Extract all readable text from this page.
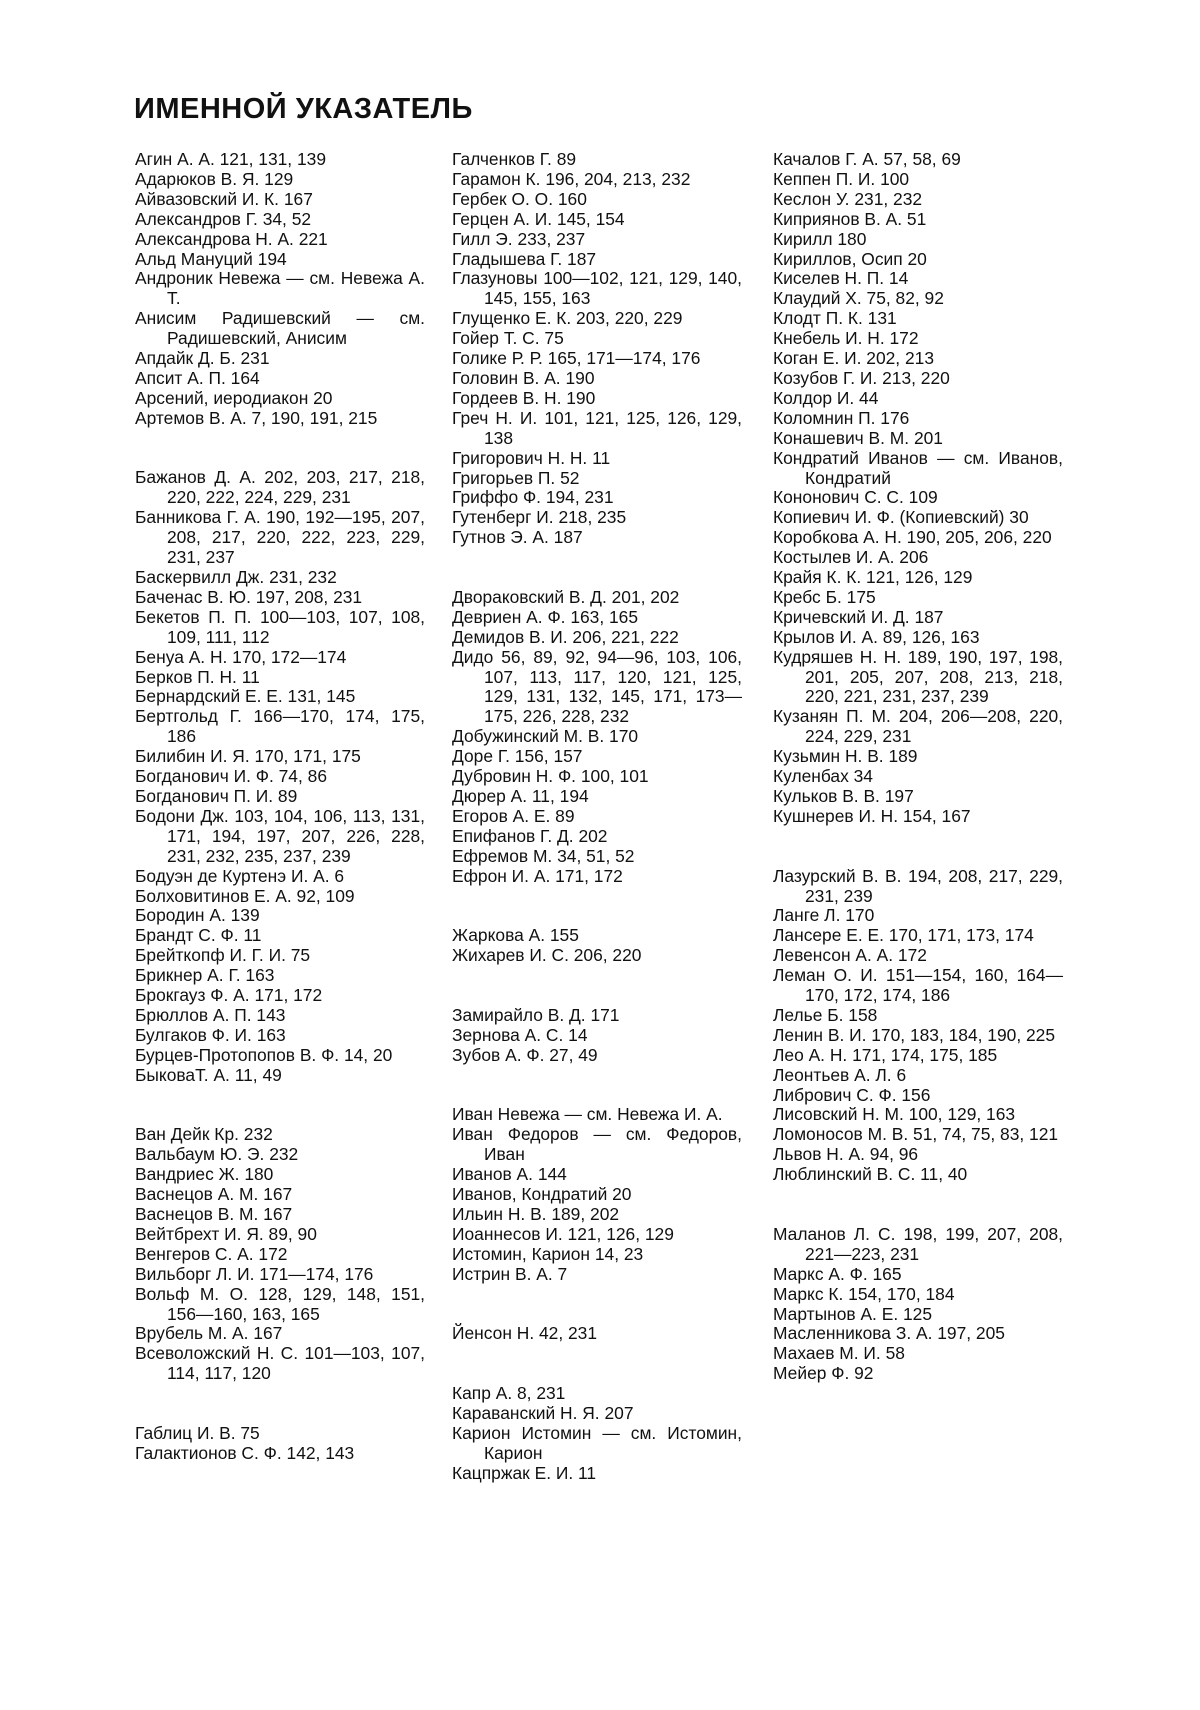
ИМЕННОЙ УКАЗАТЕЛЬ
Агин А. А. 121, 131, 139
Адарюков В. Я. 129
Айвазовский И. К. 167
Александров Г. 34, 52
Александрова Н. А. 221
Альд Мануций 194
Андроник Невежа — см. Невежа А. Т.
Анисим Радишевский — см. Радишевский, Анисим
Апдайк Д. Б. 231
Апсит А. П. 164
Арсений, иеродиакон 20
Артемов В. А. 7, 190, 191, 215
Бажанов Д. А. 202, 203, 217, 218, 220, 222, 224, 229, 231
Банникова Г. А. 190, 192—195, 207, 208, 217, 220, 222, 223, 229, 231, 237
Баскервилл Дж. 231, 232
Баченас В. Ю. 197, 208, 231
Бекетов П. П. 100—103, 107, 108, 109, 111, 112
Бенуа А. Н. 170, 172—174
Берков П. Н. 11
Бернардский Е. Е. 131, 145
Бертгольд Г. 166—170, 174, 175, 186
Билибин И. Я. 170, 171, 175
Богданович И. Ф. 74, 86
Богданович П. И. 89
Бодони Дж. 103, 104, 106, 113, 131, 171, 194, 197, 207, 226, 228, 231, 232, 235, 237, 239
Бодуэн де Куртенэ И. А. 6
Болховитинов Е. А. 92, 109
Бородин А. 139
Брандт С. Ф. 11
Брейткопф И. Г. И. 75
Брикнер А. Г. 163
Брокгауз Ф. А. 171, 172
Брюллов А. П. 143
Булгаков Ф. И. 163
Бурцев-Протопопов В. Ф. 14, 20
БыковаТ. А. 11, 49
Ван Дейк Кр. 232
Вальбаум Ю. Э. 232
Вандриес Ж. 180
Васнецов А. М. 167
Васнецов В. М. 167
Вейтбрехт И. Я. 89, 90
Венгеров С. А. 172
Вильборг Л. И. 171—174, 176
Вольф М. О. 128, 129, 148, 151, 156—160, 163, 165
Врубель М. А. 167
Всеволожский Н. С. 101—103, 107, 114, 117, 120
Габлиц И. В. 75
Галактионов С. Ф. 142, 143
Галченков Г. 89
Гарамон К. 196, 204, 213, 232
Гербек О. О. 160
Герцен А. И. 145, 154
Гилл Э. 233, 237
Гладышева Г. 187
Глазуновы 100—102, 121, 129, 140, 145, 155, 163
Глущенко Е. К. 203, 220, 229
Гойер Т. С. 75
Голике Р. Р. 165, 171—174, 176
Головин В. А. 190
Гордеев В. Н. 190
Греч Н. И. 101, 121, 125, 126, 129, 138
Григорович Н. Н. 11
Григорьев П. 52
Гриффо Ф. 194, 231
Гутенберг И. 218, 235
Гутнов Э. А. 187
Двораковский В. Д. 201, 202
Девриен А. Ф. 163, 165
Демидов В. И. 206, 221, 222
Дидо 56, 89, 92, 94—96, 103, 106, 107, 113, 117, 120, 121, 125, 129, 131, 132, 145, 171, 173—175, 226, 228, 232
Добужинский М. В. 170
Доре Г. 156, 157
Дубровин Н. Ф. 100, 101
Дюрер А. 11, 194
Егоров А. Е. 89
Епифанов Г. Д. 202
Ефремов М. 34, 51, 52
Ефрон И. А. 171, 172
Жаркова А. 155
Жихарев И. С. 206, 220
Замирайло В. Д. 171
Зернова А. С. 14
Зубов А. Ф. 27, 49
Иван Невежа — см. Невежа И. А.
Иван Федоров — см. Федоров, Иван
Иванов А. 144
Иванов, Кондратий 20
Ильин Н. В. 189, 202
Иоаннесов И. 121, 126, 129
Истомин, Карион 14, 23
Истрин В. А. 7
Йенсон Н. 42, 231
Капр А. 8, 231
Караванский Н. Я. 207
Карион Истомин — см. Истомин, Карион
Кацпржак Е. И. 11
Качалов Г. А. 57, 58, 69
Кеппен П. И. 100
Кеслон У. 231, 232
Киприянов В. А. 51
Кирилл 180
Кириллов, Осип 20
Киселев Н. П. 14
Клаудий Х. 75, 82, 92
Клодт П. К. 131
Кнебель И. Н. 172
Коган Е. И. 202, 213
Козубов Г. И. 213, 220
Колдор И. 44
Коломнин П. 176
Конашевич В. М. 201
Кондратий Иванов — см. Иванов, Кондратий
Кононович С. С. 109
Копиевич И. Ф. (Копиевский) 30
Коробкова А. Н. 190, 205, 206, 220
Костылев И. А. 206
Крайя К. К. 121, 126, 129
Кребс Б. 175
Кричевский И. Д. 187
Крылов И. А. 89, 126, 163
Кудряшев Н. Н. 189, 190, 197, 198, 201, 205, 207, 208, 213, 218, 220, 221, 231, 237, 239
Кузанян П. М. 204, 206—208, 220, 224, 229, 231
Кузьмин Н. В. 189
Куленбах 34
Кульков В. В. 197
Кушнерев И. Н. 154, 167
Лазурский В. В. 194, 208, 217, 229, 231, 239
Ланге Л. 170
Лансере Е. Е. 170, 171, 173, 174
Левенсон А. А. 172
Леман О. И. 151—154, 160, 164—170, 172, 174, 186
Лелье Б. 158
Ленин В. И. 170, 183, 184, 190, 225
Лео А. Н. 171, 174, 175, 185
Леонтьев А. Л. 6
Либрович С. Ф. 156
Лисовский Н. М. 100, 129, 163
Ломоносов М. В. 51, 74, 75, 83, 121
Львов Н. А. 94, 96
Люблинский В. С. 11, 40
Маланов Л. С. 198, 199, 207, 208, 221—223, 231
Маркс А. Ф. 165
Маркс К. 154, 170, 184
Мартынов А. Е. 125
Масленникова З. А. 197, 205
Махаев М. И. 58
Мейер Ф. 92
